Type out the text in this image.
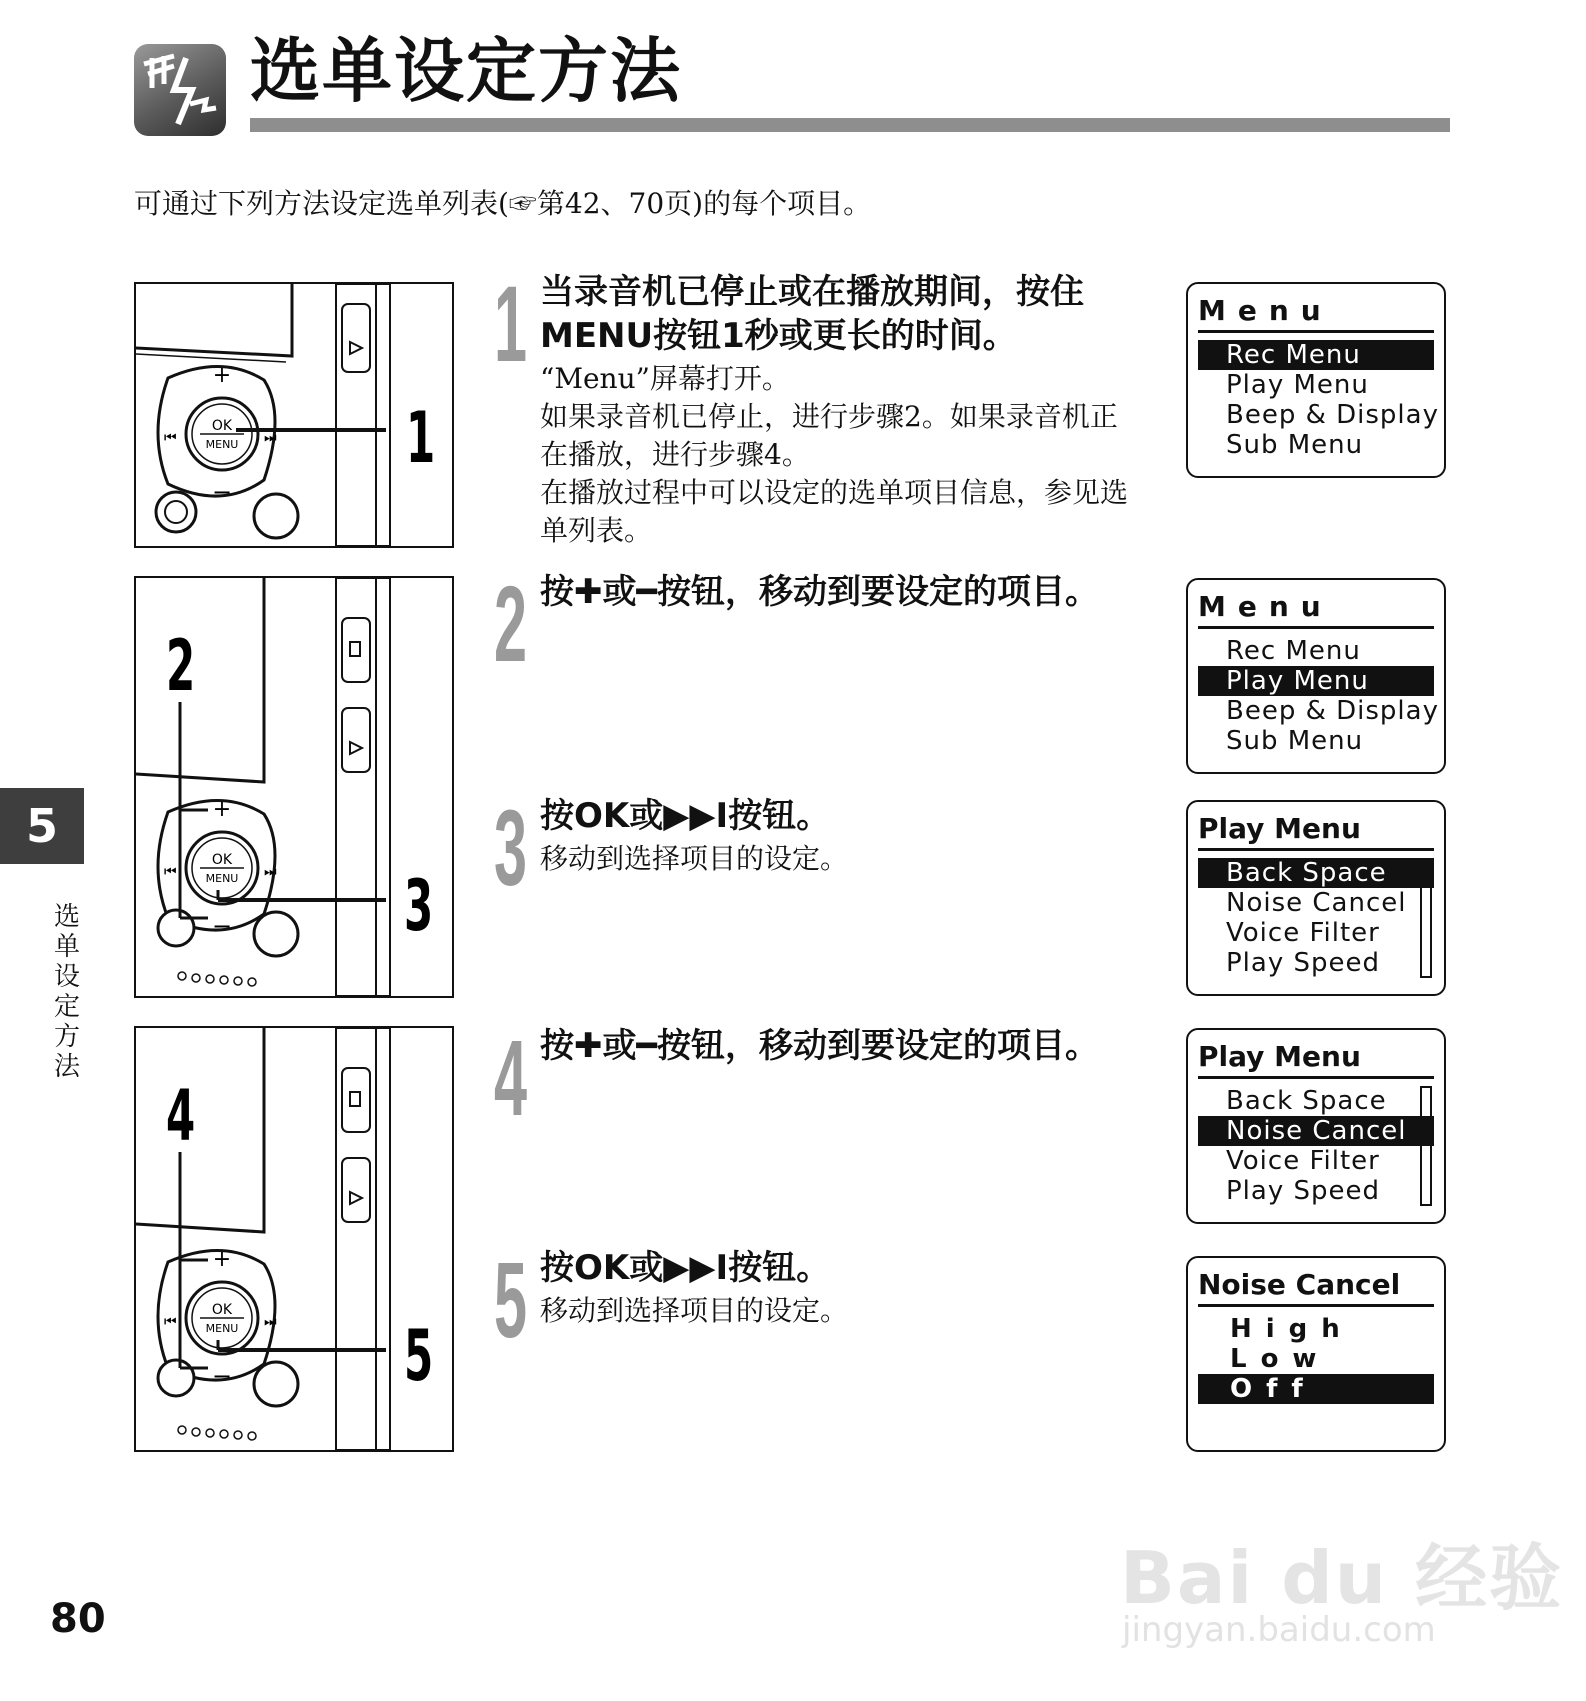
选单设定方法
可通过下列方法设定选单列表(☞第42、70页)的每个项目。
5
选单设定方法
80
+
−
OK
MENU
⏮	⏭ 1
+
−
OK
MENU
⏮	⏭
2
3
+
−
OK
MENU
⏮	⏭
4
5
1 当录音机已停止或在播放期间，按住MENU按钮1秒或更长的时间。
“Menu”屏幕打开。
如果录音机已停止，进行步骤2。如果录音机正在播放，进行步骤4。
在播放过程中可以设定的选单项目信息，参见选单列表。
2 按✚或━按钮，移动到要设定的项目。
3 按OK或▶▶I按钮。
移动到选择项目的设定。
4 按✚或━按钮，移动到要设定的项目。
5 按OK或▶▶I按钮。
移动到选择项目的设定。
Menu
Rec Menu
Play Menu
Beep & Display
Sub Menu
Menu
Rec Menu
Play Menu
Beep & Display
Sub Menu
Play Menu
Back Space
Noise Cancel
Voice Filter
Play Speed
Play Menu
Back Space
Noise Cancel
Voice Filter
Play Speed
Noise Cancel
High
Low
Off
Bai du 经验
jingyan.baidu.com
